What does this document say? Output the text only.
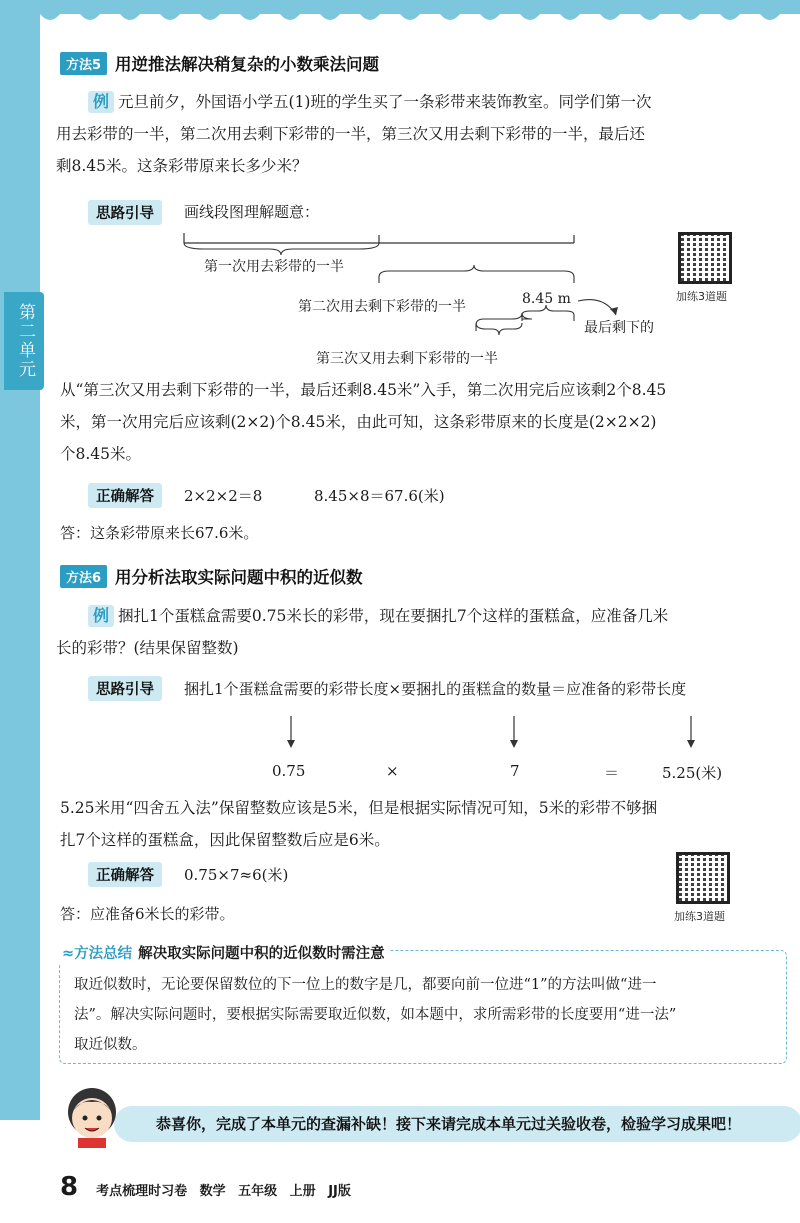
第二单元
方法5 用逆推法解决稍复杂的小数乘法问题
例 元旦前夕，外国语小学五(1)班的学生买了一条彩带来装饰教室。同学们第一次
用去彩带的一半，第二次用去剩下彩带的一半，第三次又用去剩下彩带的一半，最后还
剩8.45米。这条彩带原来长多少米？
思路引导	画线段图理解题意：
第一次用去彩带的一半
第二次用去剩下彩带的一半	8.45 m
最后剩下的
第三次又用去剩下彩带的一半
加练3道题
从“第三次又用去剩下彩带的一半，最后还剩8.45米”入手，第二次用完后应该剩2个8.45
米，第一次用完后应该剩(2×2)个8.45米，由此可知，这条彩带原来的长度是(2×2×2)
个8.45米。
正确解答	2×2×2＝8	8.45×8＝67.6(米)
答：这条彩带原来长67.6米。
方法6 用分析法取实际问题中积的近似数
例 捆扎1个蛋糕盒需要0.75米长的彩带，现在要捆扎7个这样的蛋糕盒，应准备几米
长的彩带？(结果保留整数)
思路引导	捆扎1个蛋糕盒需要的彩带长度×要捆扎的蛋糕盒的数量＝应准备的彩带长度
0.75	×	7	＝	5.25(米)
5.25米用“四舍五入法”保留整数应该是5米，但是根据实际情况可知，5米的彩带不够捆
扎7个这样的蛋糕盒，因此保留整数后应是6米。
正确解答	0.75×7≈6(米)
答：应准备6米长的彩带。	加练3道题
≈方法总结 解决取实际问题中积的近似数时需注意
取近似数时，无论要保留数位的下一位上的数字是几，都要向前一位进“1”的方法叫做“进一
法”。解决实际问题时，要根据实际需要取近似数，如本题中，求所需彩带的长度要用“进一法”
取近似数。
恭喜你，完成了本单元的查漏补缺！接下来请完成本单元过关验收卷，检验学习成果吧！
8 考点梳理时习卷 数学 五年级 上册 JJ版
